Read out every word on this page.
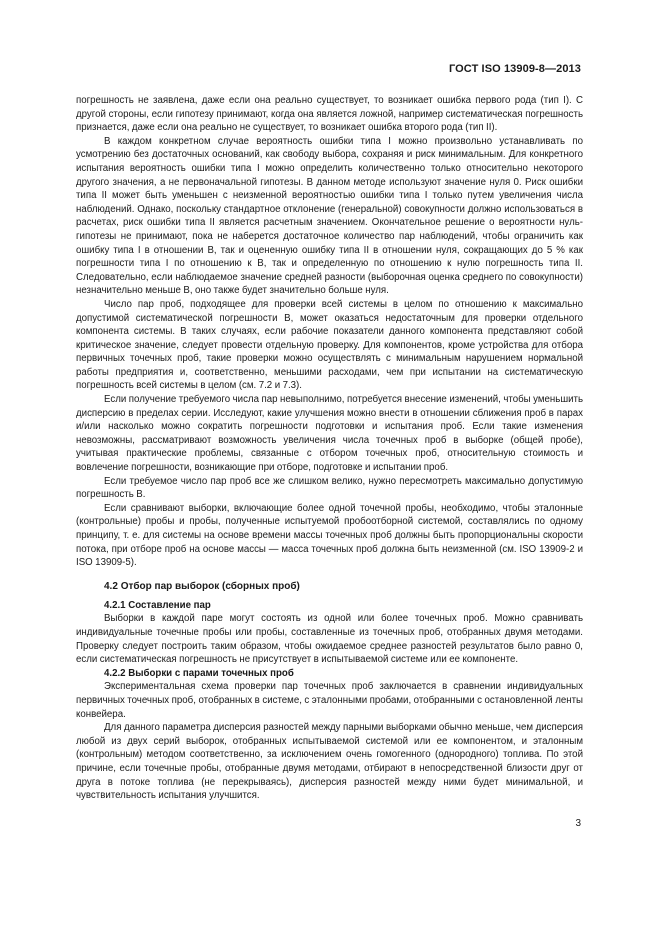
ГОСТ ISO 13909-8—2013

погрешность не заявлена, даже если она реально существует, то возникает ошибка первого рода (тип I). С другой стороны, если гипотезу принимают, когда она является ложной, например систематическая погрешность признается, даже если она реально не существует, то возникает ошибка второго рода (тип II).

В каждом конкретном случае вероятность ошибки типа I можно произвольно устанавливать по усмотрению без достаточных оснований, как свободу выбора, сохраняя и риск минимальным. Для конкретного испытания вероятность ошибки типа I можно определить количественно только относительно некоторого другого значения, а не первоначальной гипотезы. В данном методе используют значение нуля 0. Риск ошибки типа II может быть уменьшен с неизменной вероятностью ошибки типа I только путем увеличения числа наблюдений. Однако, поскольку стандартное отклонение (генеральной) совокупности должно использоваться в расчетах, риск ошибки типа II является расчетным значением. Окончательное решение о вероятности нуль-гипотезы не принимают, пока не наберется достаточное количество пар наблюдений, чтобы ограничить как ошибку типа I в отношении B, так и оцененную ошибку типа II в отношении нуля, сокращающих до 5 % как погрешности типа I по отношению к B, так и определенную по отношению к нулю погрешность типа II. Следовательно, если наблюдаемое значение средней разности (выборочная оценка среднего по совокупности) незначительно меньше B, оно также будет значительно больше нуля.

Число пар проб, подходящее для проверки всей системы в целом по отношению к максимально допустимой систематической погрешности B, может оказаться недостаточным для проверки отдельного компонента системы. В таких случаях, если рабочие показатели данного компонента представляют собой критическое значение, следует провести отдельную проверку. Для компонентов, кроме устройства для отбора первичных точечных проб, такие проверки можно осуществлять с минимальным нарушением нормальной работы предприятия и, соответственно, меньшими расходами, чем при испытании на систематическую погрешность всей системы в целом (см. 7.2 и 7.3).

Если получение требуемого числа пар невыполнимо, потребуется внесение изменений, чтобы уменьшить дисперсию в пределах серии. Исследуют, какие улучшения можно внести в отношении сближения проб в парах и/или насколько можно сократить погрешности подготовки и испытания проб. Если такие изменения невозможны, рассматривают возможность увеличения числа точечных проб в выборке (общей пробе), учитывая практические проблемы, связанные с отбором точечных проб, относительную стоимость и вовлечение погрешности, возникающие при отборе, подготовке и испытании проб.

Если требуемое число пар проб все же слишком велико, нужно пересмотреть максимально допустимую погрешность B.

Если сравнивают выборки, включающие более одной точечной пробы, необходимо, чтобы эталонные (контрольные) пробы и пробы, полученные испытуемой пробоотборной системой, составлялись по одному принципу, т. е. для системы на основе времени массы точечных проб должны быть пропорциональны скорости потока, при отборе проб на основе массы — масса точечных проб должна быть неизменной (см. ISO 13909-2 и ISO 13909-5).

4.2 Отбор пар выборок (сборных проб)
4.2.1 Составление пар

Выборки в каждой паре могут состоять из одной или более точечных проб. Можно сравнивать индивидуальные точечные пробы или пробы, составленные из точечных проб, отобранных двумя методами. Проверку следует построить таким образом, чтобы ожидаемое среднее разностей результатов было равно 0, если систематическая погрешность не присутствует в испытываемой системе или ее компоненте.

4.2.2 Выборки с парами точечных проб

Экспериментальная схема проверки пар точечных проб заключается в сравнении индивидуальных первичных точечных проб, отобранных в системе, с эталонными пробами, отобранными с остановленной ленты конвейера.

Для данного параметра дисперсия разностей между парными выборками обычно меньше, чем дисперсия любой из двух серий выборок, отобранных испытываемой системой или ее компонентом, и эталонным (контрольным) методом соответственно, за исключением очень гомогенного (однородного) топлива. По этой причине, если точечные пробы, отобранные двумя методами, отбирают в непосредственной близости друг от друга в потоке топлива (не перекрываясь), дисперсия разностей между ними будет минимальной, и чувствительность испытания улучшится.

3
